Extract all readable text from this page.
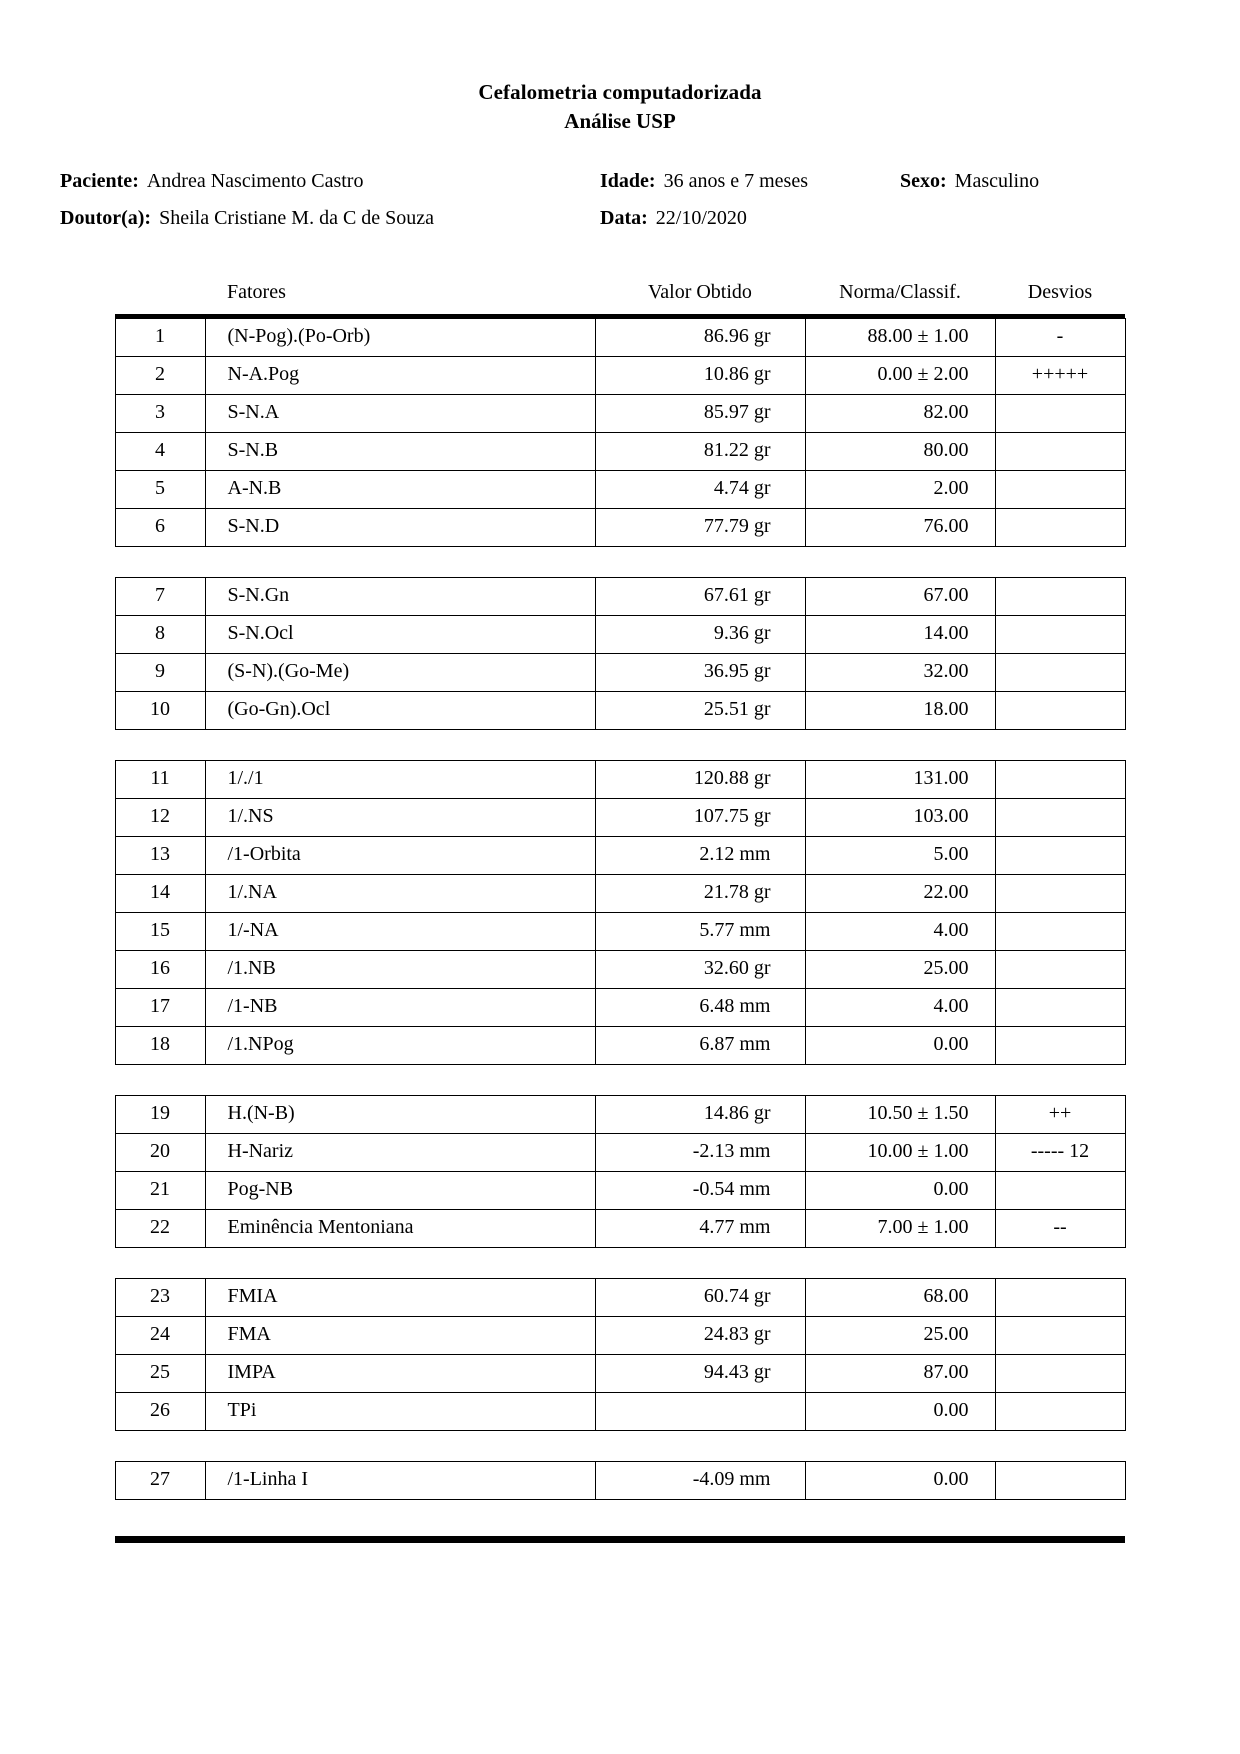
Cefalometria computadorizada
Análise USP
Paciente: Andrea Nascimento Castro	Idade: 36 anos e 7 meses	Sexo: Masculino
Doutor(a): Sheila Cristiane M. da C de Souza	Data: 22/10/2020
	Fatores	Valor Obtido	Norma/Classif.	Desvios

1	(N-Pog).(Po-Orb)	86.96 gr	88.00 ± 1.00	-
2	N-A.Pog	10.86 gr	0.00 ± 2.00	+++++
3	S-N.A	85.97 gr	82.00	
4	S-N.B	81.22 gr	80.00	
5	A-N.B	4.74 gr	2.00	
6	S-N.D	77.79 gr	76.00	

7	S-N.Gn	67.61 gr	67.00	
8	S-N.Ocl	9.36 gr	14.00	
9	(S-N).(Go-Me)	36.95 gr	32.00	
10	(Go-Gn).Ocl	25.51 gr	18.00	

11	1/./1	120.88 gr	131.00	
12	1/.NS	107.75 gr	103.00	
13	/1-Orbita	2.12 mm	5.00	
14	1/.NA	21.78 gr	22.00	
15	1/-NA	5.77 mm	4.00	
16	/1.NB	32.60 gr	25.00	
17	/1-NB	6.48 mm	4.00	
18	/1.NPog	6.87 mm	0.00	

19	H.(N-B)	14.86 gr	10.50 ± 1.50	++
20	H-Nariz	-2.13 mm	10.00 ± 1.00	----- 12
21	Pog-NB	-0.54 mm	0.00	
22	Eminência Mentoniana	4.77 mm	7.00 ± 1.00	--

23	FMIA	60.74 gr	68.00	
24	FMA	24.83 gr	25.00	
25	IMPA	94.43 gr	87.00	
26	TPi		0.00	

27	/1-Linha I	-4.09 mm	0.00	
